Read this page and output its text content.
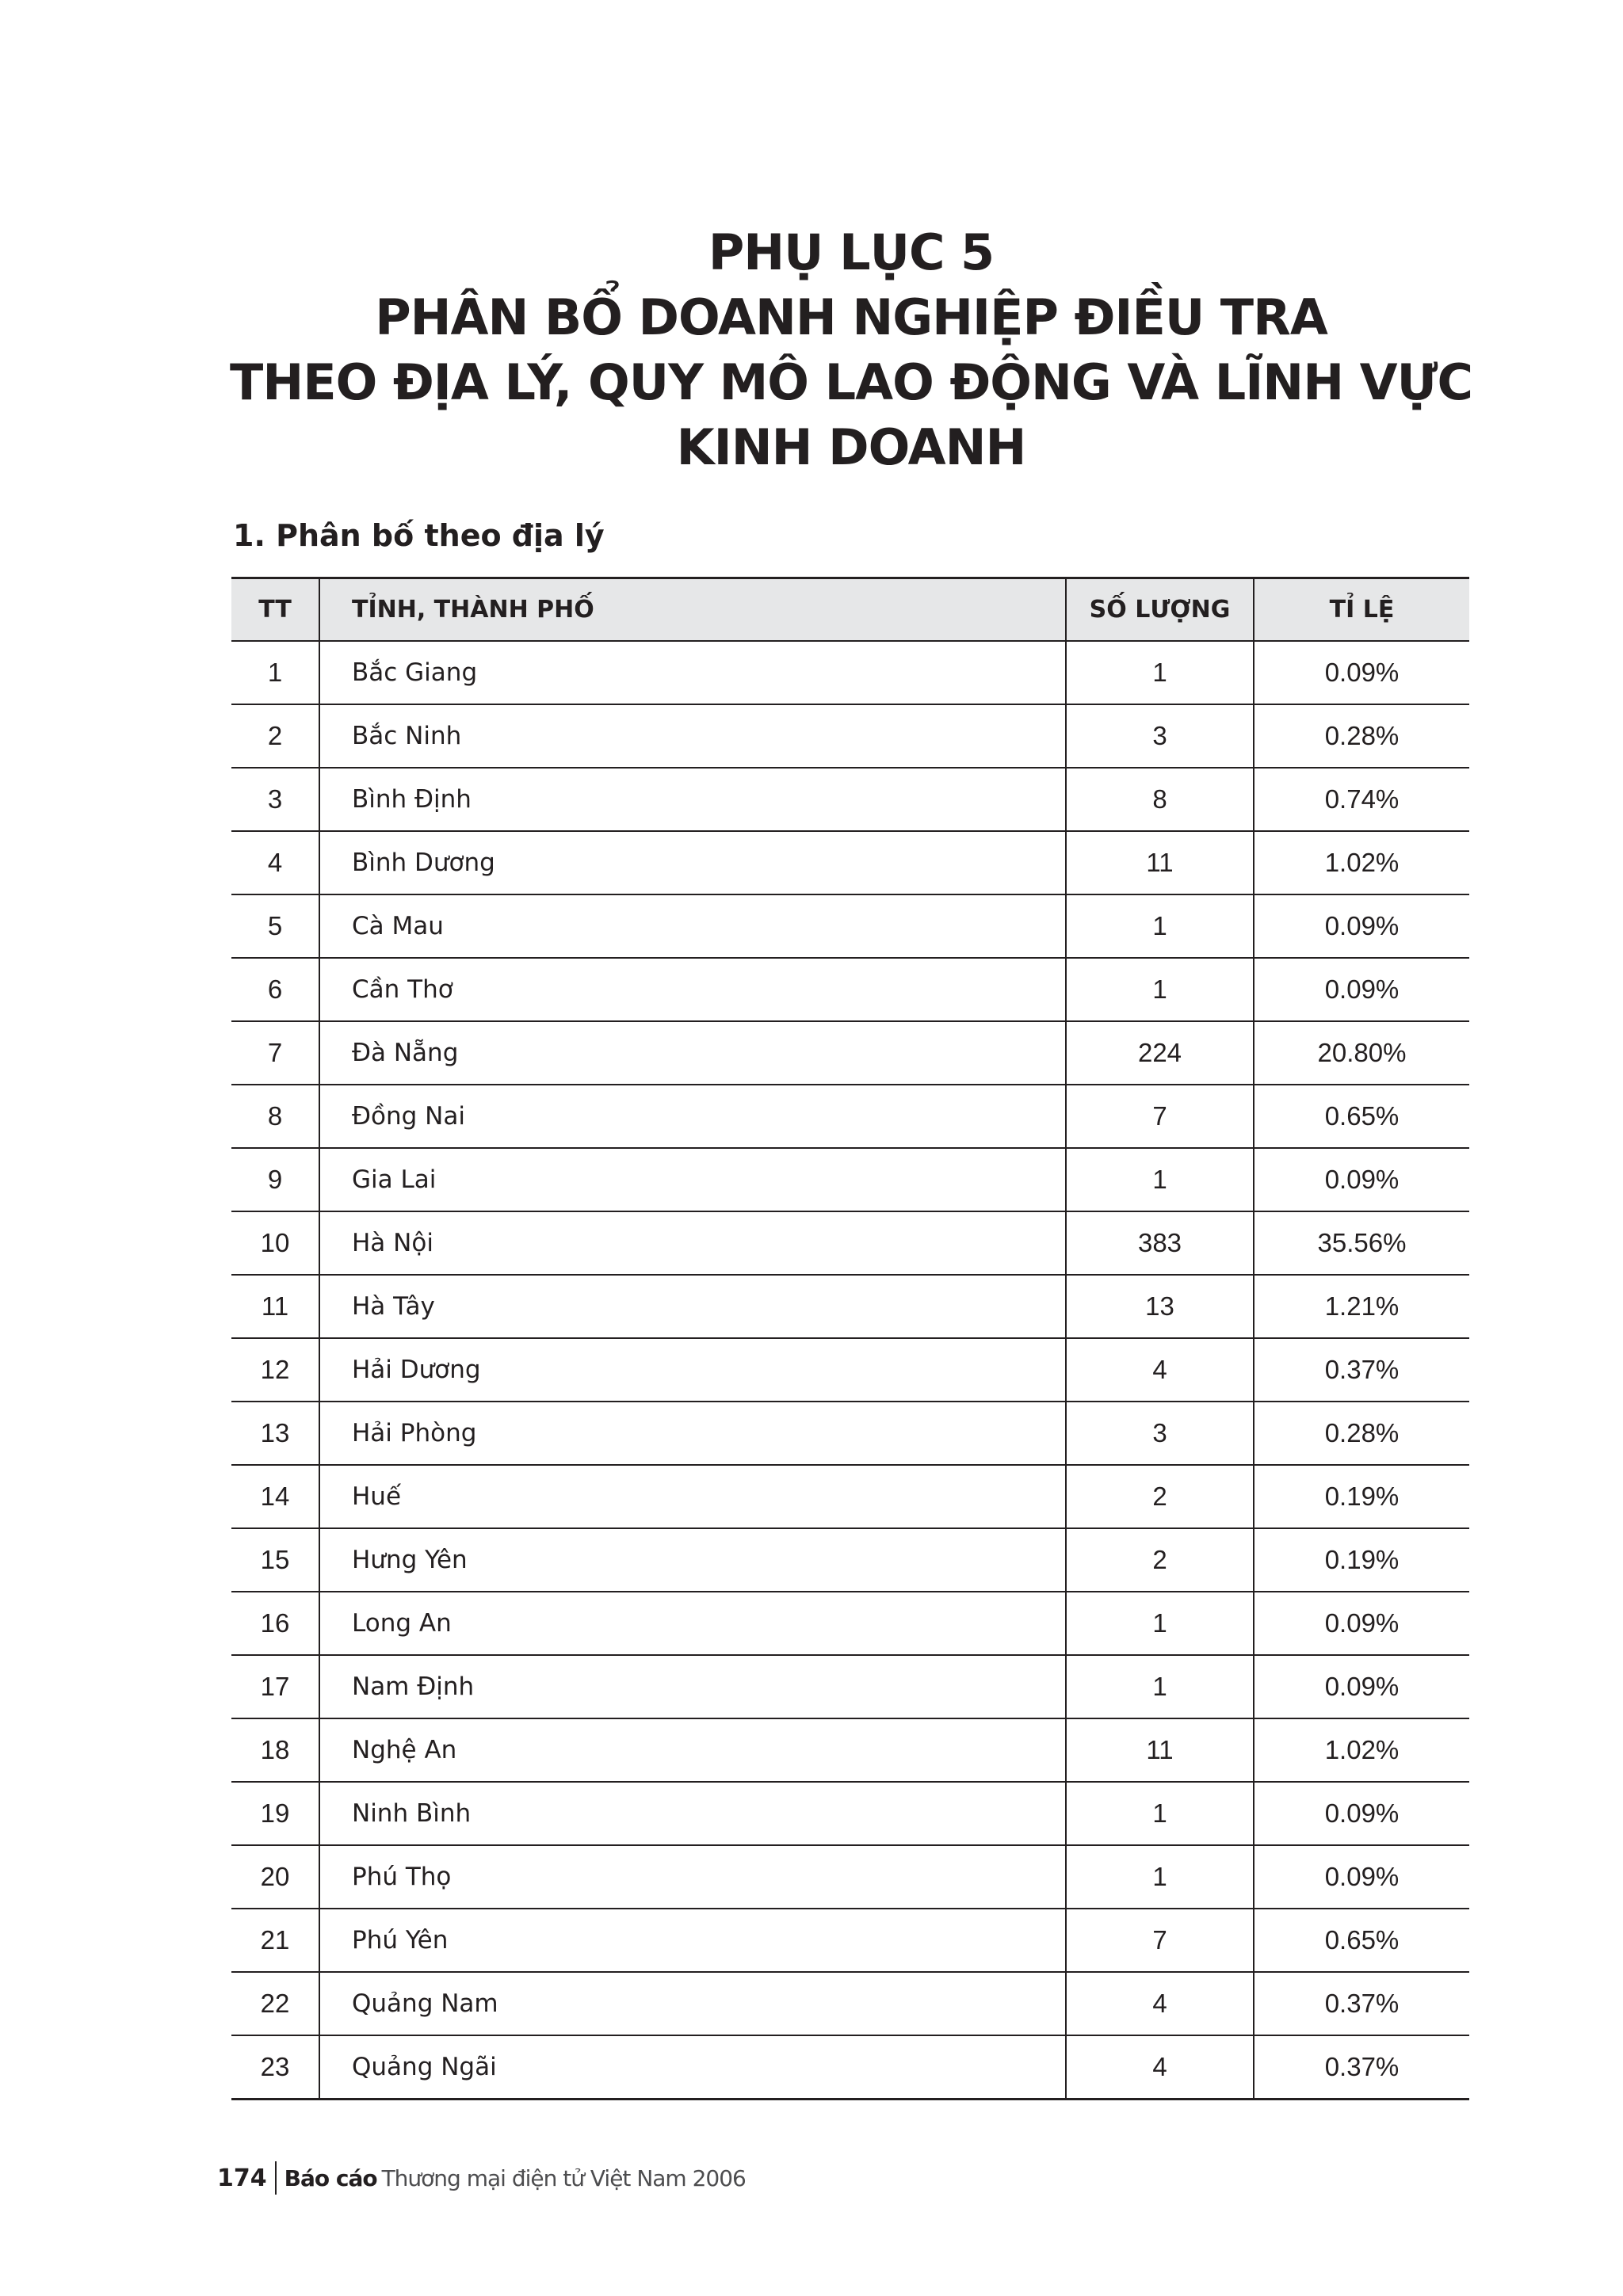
PHỤ LỤC 5
PHÂN BỔ DOANH NGHIỆP ĐIỀU TRA
THEO ĐỊA LÝ, QUY MÔ LAO ĐỘNG VÀ LĨNH VỰC
KINH DOANH
1. Phân bố theo địa lý
TT	TỈNH, THÀNH PHỐ	SỐ LƯỢNG	TỈ LỆ
1	Bắc Giang	1	0.09%
2	Bắc Ninh	3	0.28%
3	Bình Định	8	0.74%
4	Bình Dương	11	1.02%
5	Cà Mau	1	0.09%
6	Cần Thơ	1	0.09%
7	Đà Nẵng	224	20.80%
8	Đồng Nai	7	0.65%
9	Gia Lai	1	0.09%
10	Hà Nội	383	35.56%
11	Hà Tây	13	1.21%
12	Hải Dương	4	0.37%
13	Hải Phòng	3	0.28%
14	Huế	2	0.19%
15	Hưng Yên	2	0.19%
16	Long An	1	0.09%
17	Nam Định	1	0.09%
18	Nghệ An	11	1.02%
19	Ninh Bình	1	0.09%
20	Phú Thọ	1	0.09%
21	Phú Yên	7	0.65%
22	Quảng Nam	4	0.37%
23	Quảng Ngãi	4	0.37%
174 Báo cáo Thương mại điện tử Việt Nam 2006
